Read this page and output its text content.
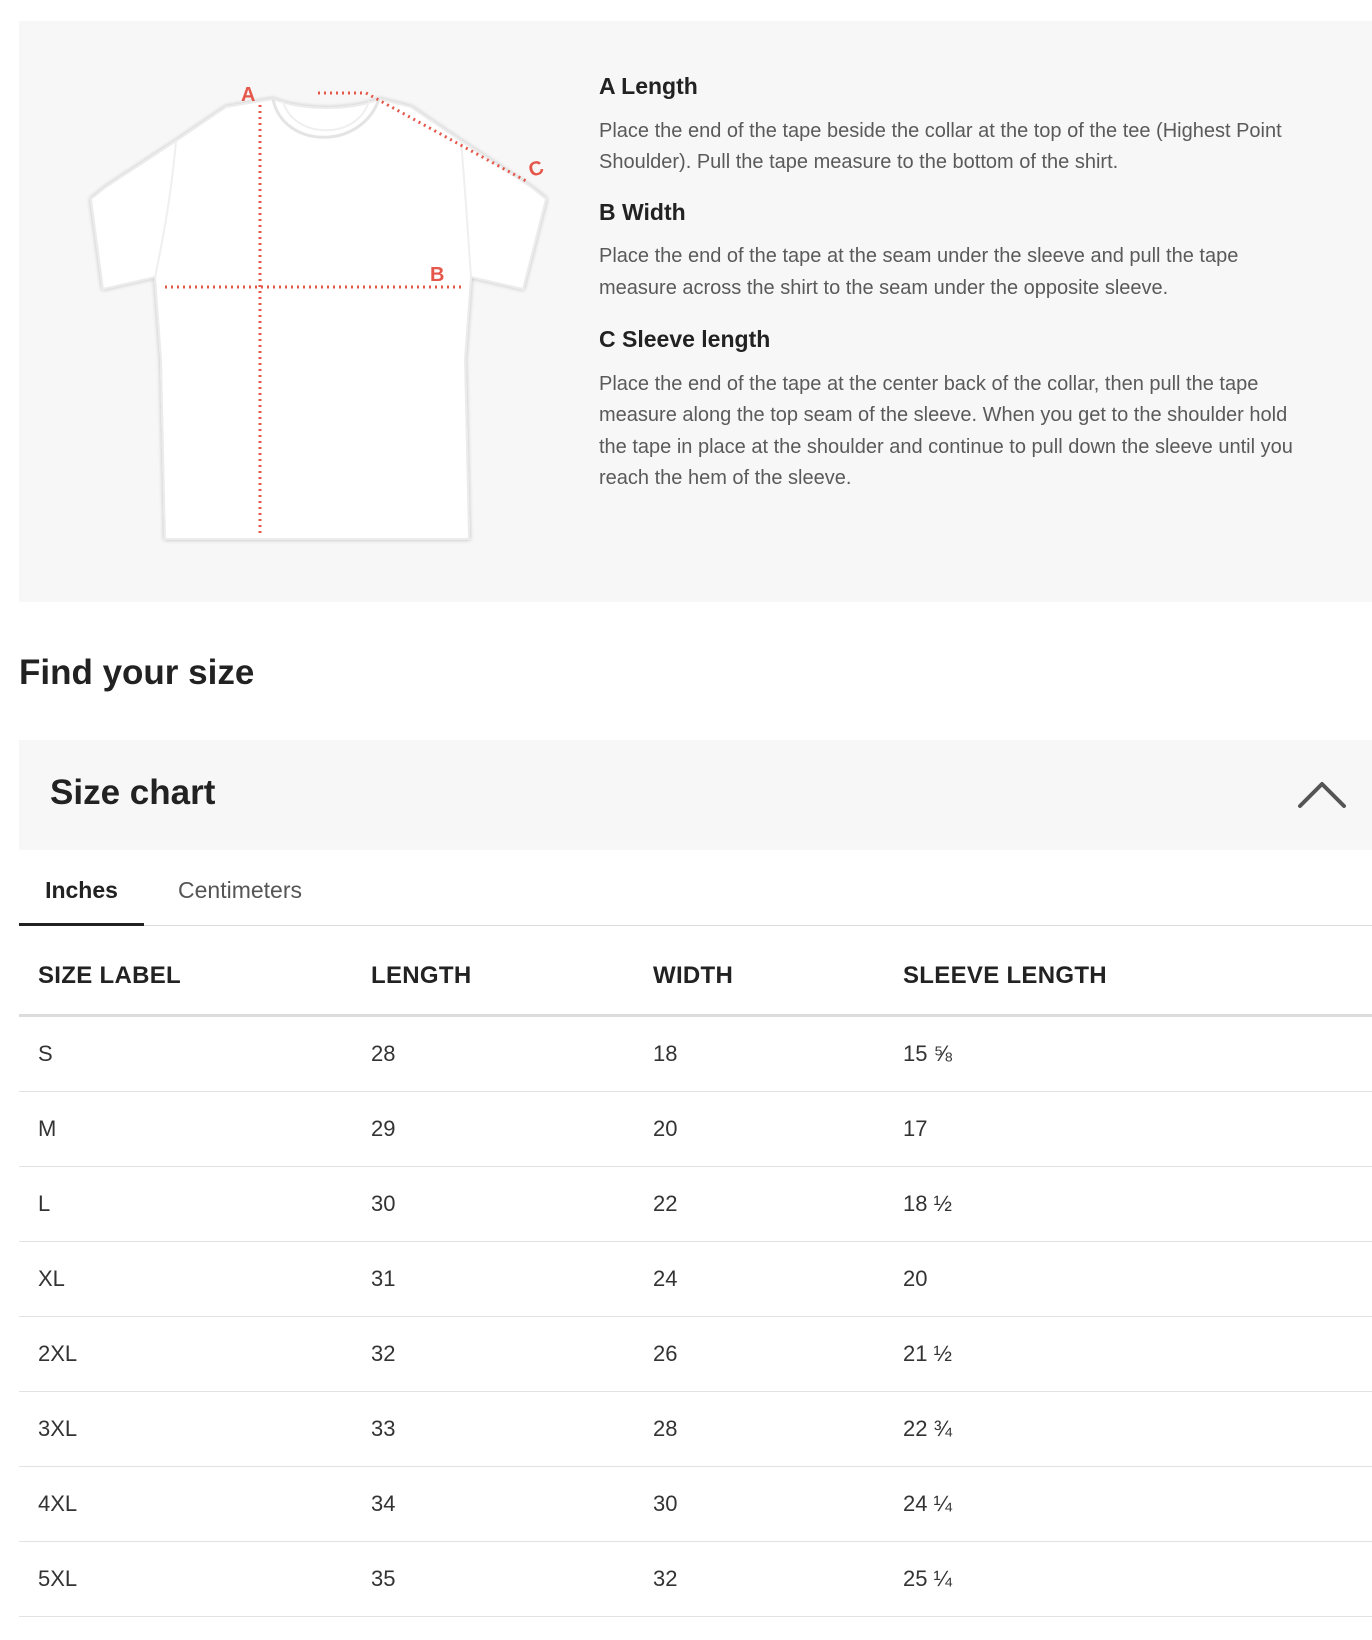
A
B
C
A Length

Place the end of the tape beside the collar at the top of the tee (Highest Point Shoulder). Pull the tape measure to the bottom of the shirt.

B Width

Place the end of the tape at the seam under the sleeve and pull the tape measure across the shirt to the seam under the opposite sleeve.

C Sleeve length

Place the end of the tape at the center back of the collar, then pull the tape measure along the top seam of the sleeve. When you get to the shoulder hold the tape in place at the shoulder and continue to pull down the sleeve until you reach the hem of the sleeve.

Find your size
Size chart
Inches	Centimeters
SIZE LABEL	LENGTH	WIDTH	SLEEVE LENGTH
S	28	18	15 ⅝
M	29	20	17
L	30	22	18 ½
XL	31	24	20
2XL	32	26	21 ½
3XL	33	28	22 ¾
4XL	34	30	24 ¼
5XL	35	32	25 ¼
